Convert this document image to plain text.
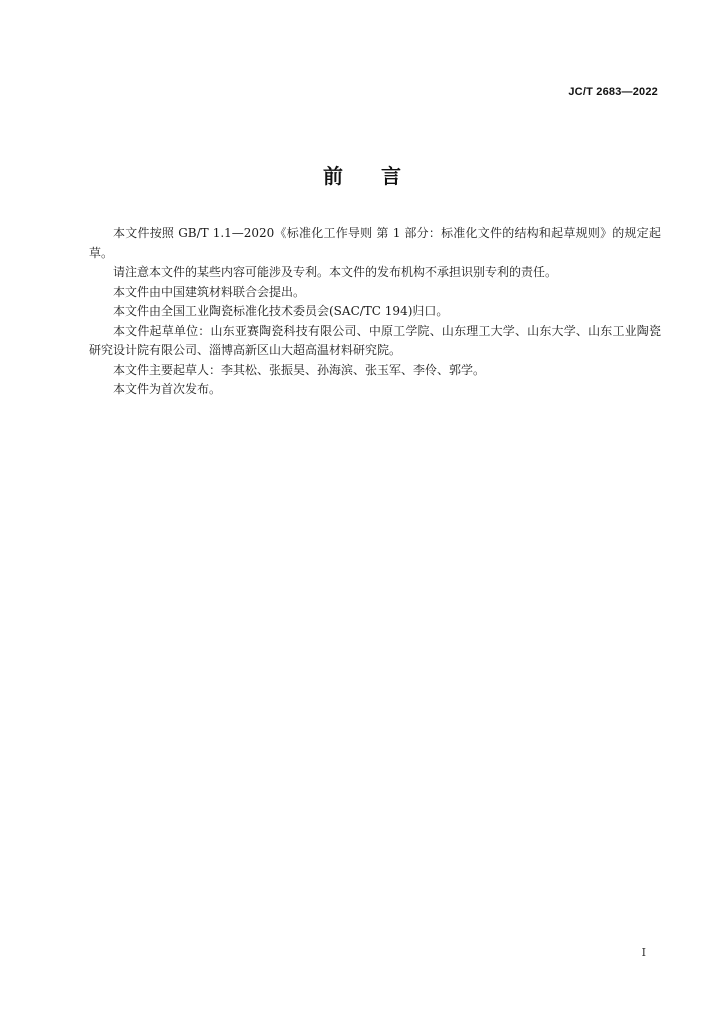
JC/T 2683—2022
前言

本文件按照 GB/T 1.1—2020《标准化工作导则 第 1 部分：标准化文件的结构和起草规则》的规定起草。

请注意本文件的某些内容可能涉及专利。本文件的发布机构不承担识别专利的责任。

本文件由中国建筑材料联合会提出。

本文件由全国工业陶瓷标准化技术委员会(SAC/TC 194)归口。

本文件起草单位：山东亚赛陶瓷科技有限公司、中原工学院、山东理工大学、山东大学、山东工业陶瓷研究设计院有限公司、淄博高新区山大超高温材料研究院。

本文件主要起草人：李其松、张振昊、孙海滨、张玉军、李伶、郭学。

本文件为首次发布。

I
